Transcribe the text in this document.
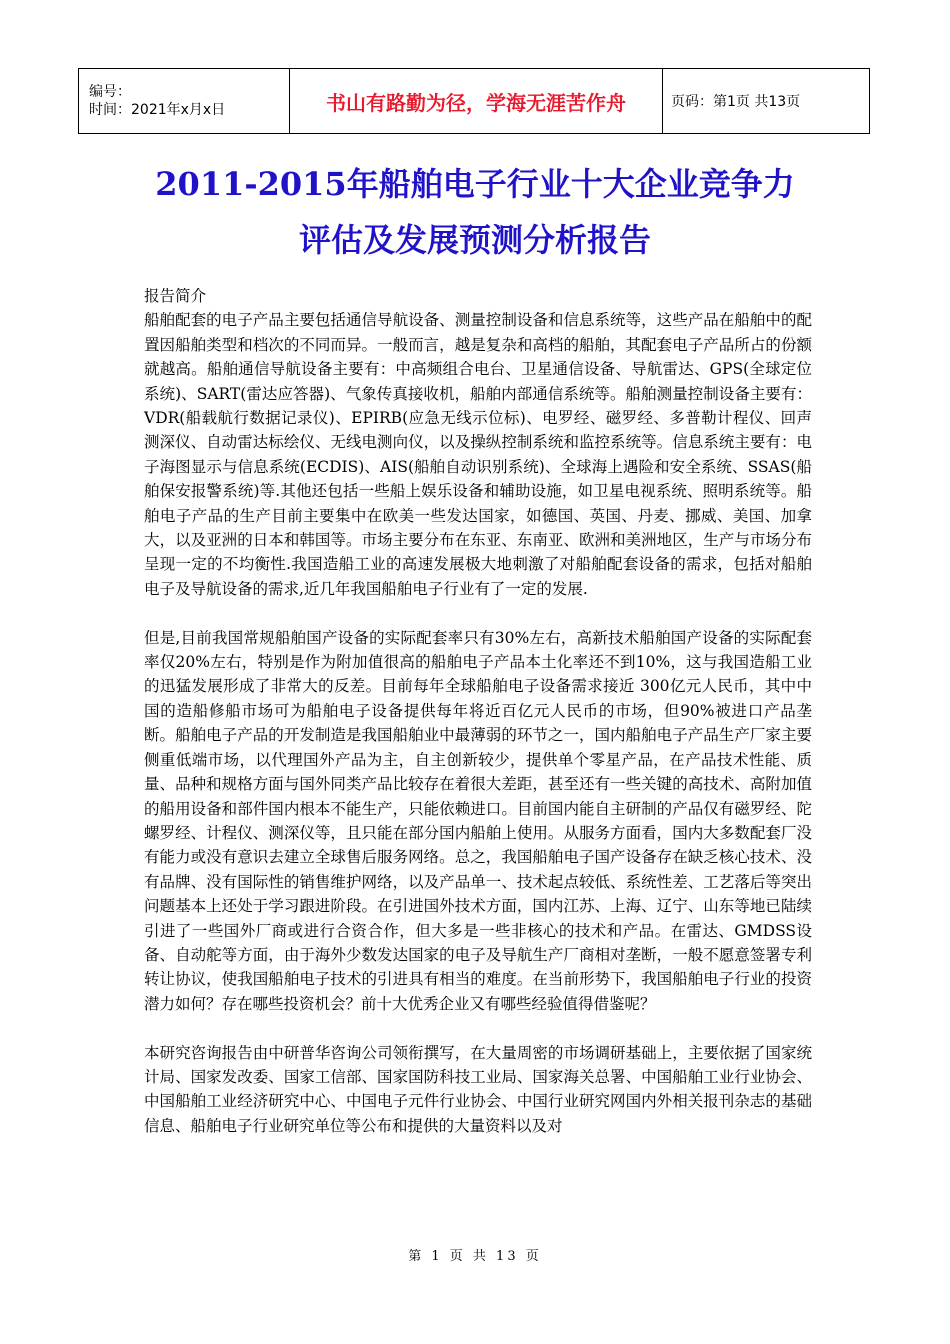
编号：
时间：2021年x月x日	书山有路勤为径，学海无涯苦作舟	页码：第1页 共13页
2011-2015年船舶电子行业十大企业竞争力
评估及发展预测分析报告

报告简介

船舶配套的电子产品主要包括通信导航设备、测量控制设备和信息系统等，这些产品在船舶中的配置因船舶类型和档次的不同而异。一般而言，越是复杂和高档的船舶，其配套电子产品所占的份额就越高。船舶通信导航设备主要有：中高频组合电台、卫星通信设备、导航雷达、GPS(全球定位系统)、SART(雷达应答器)、气象传真接收机，船舶内部通信系统等。船舶测量控制设备主要有：VDR(船载航行数据记录仪)、EPIRB(应急无线示位标)、电罗经、磁罗经、多普勒计程仪、回声测深仪、自动雷达标绘仪、无线电测向仪，以及操纵控制系统和监控系统等。信息系统主要有：电子海图显示与信息系统(ECDIS)、AIS(船舶自动识别系统)、全球海上遇险和安全系统、SSAS(船舶保安报警系统)等.其他还包括一些船上娱乐设备和辅助设施，如卫星电视系统、照明系统等。船舶电子产品的生产目前主要集中在欧美一些发达国家，如德国、英国、丹麦、挪威、美国、加拿大，以及亚洲的日本和韩国等。市场主要分布在东亚、东南亚、欧洲和美洲地区，生产与市场分布呈现一定的不均衡性.我国造船工业的高速发展极大地刺激了对船舶配套设备的需求，包括对船舶电子及导航设备的需求,近几年我国船舶电子行业有了一定的发展.

但是,目前我国常规船舶国产设备的实际配套率只有30%左右，高新技术船舶国产设备的实际配套率仅20%左右，特别是作为附加值很高的船舶电子产品本土化率还不到10%，这与我国造船工业的迅猛发展形成了非常大的反差。目前每年全球船舶电子设备需求接近 300亿元人民币，其中中国的造船修船市场可为船舶电子设备提供每年将近百亿元人民币的市场，但90%被进口产品垄断。船舶电子产品的开发制造是我国船舶业中最薄弱的环节之一，国内船舶电子产品生产厂家主要侧重低端市场，以代理国外产品为主，自主创新较少，提供单个零星产品，在产品技术性能、质量、品种和规格方面与国外同类产品比较存在着很大差距，甚至还有一些关键的高技术、高附加值的船用设备和部件国内根本不能生产，只能依赖进口。目前国内能自主研制的产品仅有磁罗经、陀螺罗经、计程仪、测深仪等，且只能在部分国内船舶上使用。从服务方面看，国内大多数配套厂没有能力或没有意识去建立全球售后服务网络。总之，我国船舶电子国产设备存在缺乏核心技术、没有品牌、没有国际性的销售维护网络，以及产品单一、技术起点较低、系统性差、工艺落后等突出问题基本上还处于学习跟进阶段。在引进国外技术方面，国内江苏、上海、辽宁、山东等地已陆续引进了一些国外厂商或进行合资合作，但大多是一些非核心的技术和产品。在雷达、GMDSS设备、自动舵等方面，由于海外少数发达国家的电子及导航生产厂商相对垄断，一般不愿意签署专利转让协议，使我国船舶电子技术的引进具有相当的难度。在当前形势下，我国船舶电子行业的投资潜力如何？存在哪些投资机会？前十大优秀企业又有哪些经验值得借鉴呢？

本研究咨询报告由中研普华咨询公司领衔撰写，在大量周密的市场调研基础上，主要依据了国家统计局、国家发改委、国家工信部、国家国防科技工业局、国家海关总署、中国船舶工业行业协会、中国船舶工业经济研究中心、中国电子元件行业协会、中国行业研究网国内外相关报刊杂志的基础信息、船舶电子行业研究单位等公布和提供的大量资料以及对

第 1 页 共 13 页
